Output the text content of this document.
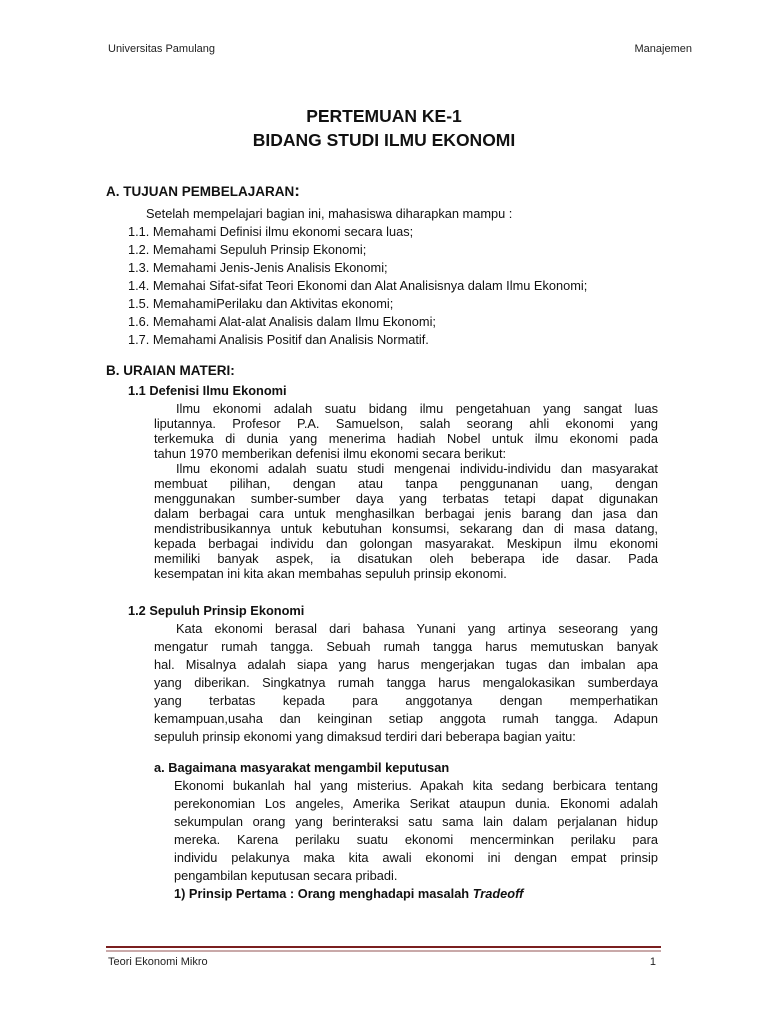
Universitas Pamulang	Manajemen
PERTEMUAN KE-1
BIDANG STUDI ILMU EKONOMI
A. TUJUAN PEMBELAJARAN:
Setelah mempelajari bagian ini, mahasiswa diharapkan mampu :
1.1. Memahami Definisi ilmu ekonomi secara luas;
1.2. Memahami Sepuluh Prinsip Ekonomi;
1.3. Memahami Jenis-Jenis Analisis Ekonomi;
1.4. Memahai Sifat-sifat Teori Ekonomi dan Alat Analisisnya dalam Ilmu Ekonomi;
1.5. MemahamiPerilaku dan Aktivitas ekonomi;
1.6. Memahami Alat-alat Analisis dalam Ilmu Ekonomi;
1.7. Memahami Analisis Positif dan Analisis Normatif.
B. URAIAN MATERI:
1.1 Defenisi Ilmu Ekonomi
Ilmu ekonomi adalah suatu bidang ilmu pengetahuan yang sangat luas
liputannya. Profesor P.A. Samuelson, salah seorang ahli ekonomi yang
terkemuka di dunia yang menerima hadiah Nobel untuk ilmu ekonomi pada
tahun 1970 memberikan defenisi ilmu ekonomi secara berikut:
Ilmu ekonomi adalah suatu studi mengenai individu-individu dan masyarakat
membuat pilihan, dengan atau tanpa penggunanan uang, dengan
menggunakan sumber-sumber daya yang terbatas tetapi dapat digunakan
dalam berbagai cara untuk menghasilkan berbagai jenis barang dan jasa dan
mendistribusikannya untuk kebutuhan konsumsi, sekarang dan di masa datang,
kepada berbagai individu dan golongan masyarakat. Meskipun ilmu ekonomi
memiliki banyak aspek, ia disatukan oleh beberapa ide dasar. Pada
kesempatan ini kita akan membahas sepuluh prinsip ekonomi.
1.2 Sepuluh Prinsip Ekonomi
Kata ekonomi berasal dari bahasa Yunani yang artinya seseorang yang
mengatur rumah tangga. Sebuah rumah tangga harus memutuskan banyak
hal. Misalnya adalah siapa yang harus mengerjakan tugas dan imbalan apa
yang diberikan. Singkatnya rumah tangga harus mengalokasikan sumberdaya
yang terbatas kepada para anggotanya dengan memperhatikan
kemampuan,usaha dan keinginan setiap anggota rumah tangga. Adapun
sepuluh prinsip ekonomi yang dimaksud terdiri dari beberapa bagian yaitu:
a. Bagaimana masyarakat mengambil keputusan
Ekonomi bukanlah hal yang misterius. Apakah kita sedang berbicara tentang
perekonomian Los angeles, Amerika Serikat ataupun dunia. Ekonomi adalah
sekumpulan orang yang berinteraksi satu sama lain dalam perjalanan hidup
mereka. Karena perilaku suatu ekonomi mencerminkan perilaku para
individu pelakunya maka kita awali ekonomi ini dengan empat prinsip
pengambilan keputusan secara pribadi.
1) Prinsip Pertama : Orang menghadapi masalah Tradeoff
Teori Ekonomi Mikro	1
